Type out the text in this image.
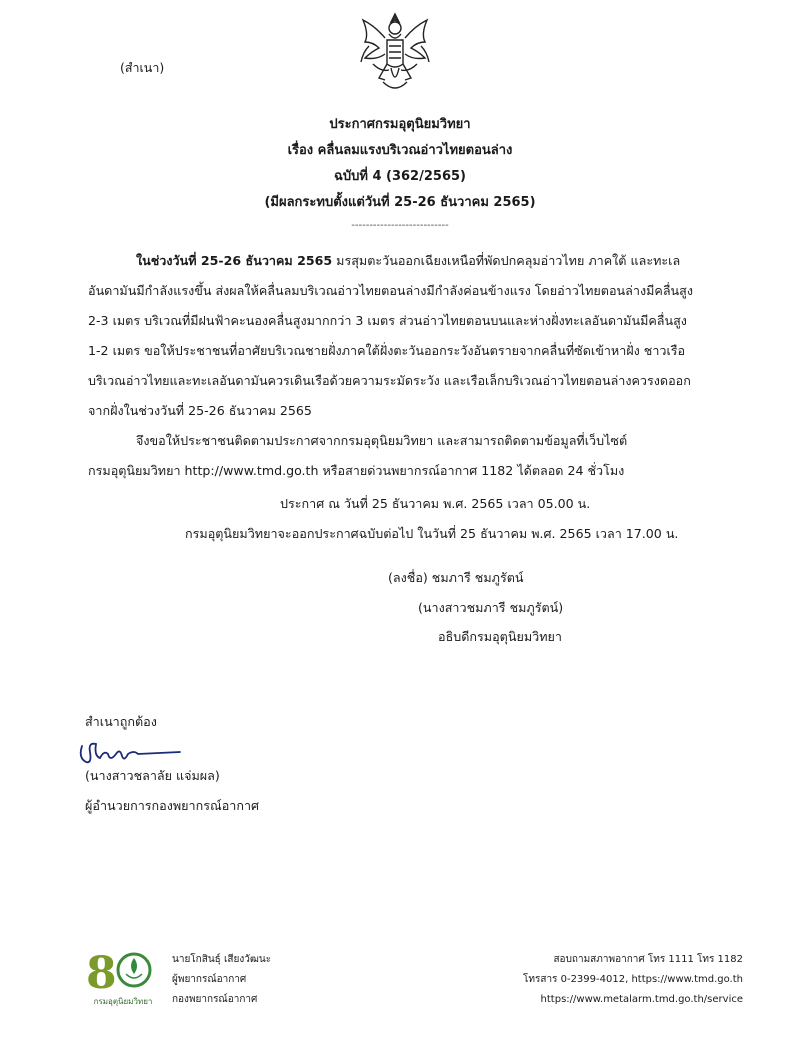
(สำเนา)
ประกาศกรมอุตุนิยมวิทยา
เรื่อง คลื่นลมแรงบริเวณอ่าวไทยตอนล่าง
ฉบับที่ 4 (362/2565)
(มีผลกระทบตั้งแต่วันที่ 25-26 ธันวาคม 2565)
---------------------------
ในช่วงวันที่ 25-26 ธันวาคม 2565 มรสุมตะวันออกเฉียงเหนือที่พัดปกคลุมอ่าวไทย ภาคใต้ และทะเล
อันดามันมีกำลังแรงขึ้น ส่งผลให้คลื่นลมบริเวณอ่าวไทยตอนล่างมีกำลังค่อนข้างแรง โดยอ่าวไทยตอนล่างมีคลื่นสูง
2-3 เมตร บริเวณที่มีฝนฟ้าคะนองคลื่นสูงมากกว่า 3 เมตร ส่วนอ่าวไทยตอนบนและห่างฝั่งทะเลอันดามันมีคลื่นสูง
1-2 เมตร ขอให้ประชาชนที่อาศัยบริเวณชายฝั่งภาคใต้ฝั่งตะวันออกระวังอันตรายจากคลื่นที่ซัดเข้าหาฝั่ง ชาวเรือ
บริเวณอ่าวไทยและทะเลอันดามันควรเดินเรือด้วยความระมัดระวัง และเรือเล็กบริเวณอ่าวไทยตอนล่างควรงดออก
จากฝั่งในช่วงวันที่ 25-26 ธันวาคม 2565
จึงขอให้ประชาชนติดตามประกาศจากกรมอุตุนิยมวิทยา และสามารถติดตามข้อมูลที่เว็บไซต์
กรมอุตุนิยมวิทยา http://www.tmd.go.th หรือสายด่วนพยากรณ์อากาศ 1182 ได้ตลอด 24 ชั่วโมง
ประกาศ ณ วันที่ 25 ธันวาคม พ.ศ. 2565 เวลา 05.00 น.
กรมอุตุนิยมวิทยาจะออกประกาศฉบับต่อไป ในวันที่ 25 ธันวาคม พ.ศ. 2565 เวลา 17.00 น.
(ลงชื่อ) ชมภารี ชมภูรัตน์
(นางสาวชมภารี ชมภูรัตน์)
อธิบดีกรมอุตุนิยมวิทยา
สำเนาถูกต้อง
(นางสาวชลาลัย แจ่มผล)
ผู้อำนวยการกองพยากรณ์อากาศ
8
กรมอุตุนิยมวิทยา
นายโกสินธุ์ เสียงวัฒนะ
ผู้พยากรณ์อากาศ
กองพยากรณ์อากาศ
สอบถามสภาพอากาศ โทร 1111 โทร 1182
โทรสาร 0-2399-4012, https://www.tmd.go.th
https://www.metalarm.tmd.go.th/service
